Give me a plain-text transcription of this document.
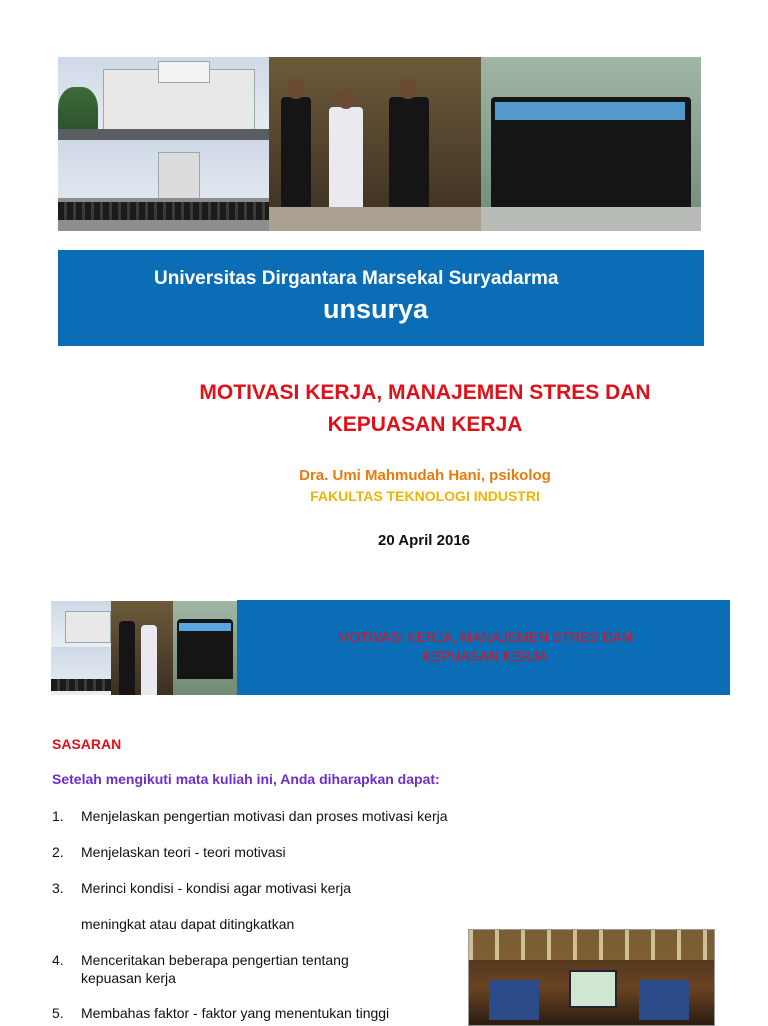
Universitas Dirgantara Marsekal Suryadarma
unsurya
MOTIVASI KERJA, MANAJEMEN STRES DAN
KEPUASAN KERJA
Dra. Umi Mahmudah Hani, psikolog
FAKULTAS TEKNOLOGI INDUSTRI
20 April 2016
MOTIVASI KERJA, MANAJEMEN STRES DAN
KEPUASAN KERJA
SASARAN
Setelah mengikuti mata kuliah ini, Anda diharapkan dapat:
1. Menjelaskan pengertian motivasi dan proses motivasi kerja
2. Menjelaskan teori - teori motivasi
3. Merinci kondisi - kondisi agar motivasi kerja
meningkat atau dapat ditingkatkan
4. Menceritakan beberapa pengertian tentang
kepuasan kerja
5. Membahas faktor - faktor yang menentukan tinggi
